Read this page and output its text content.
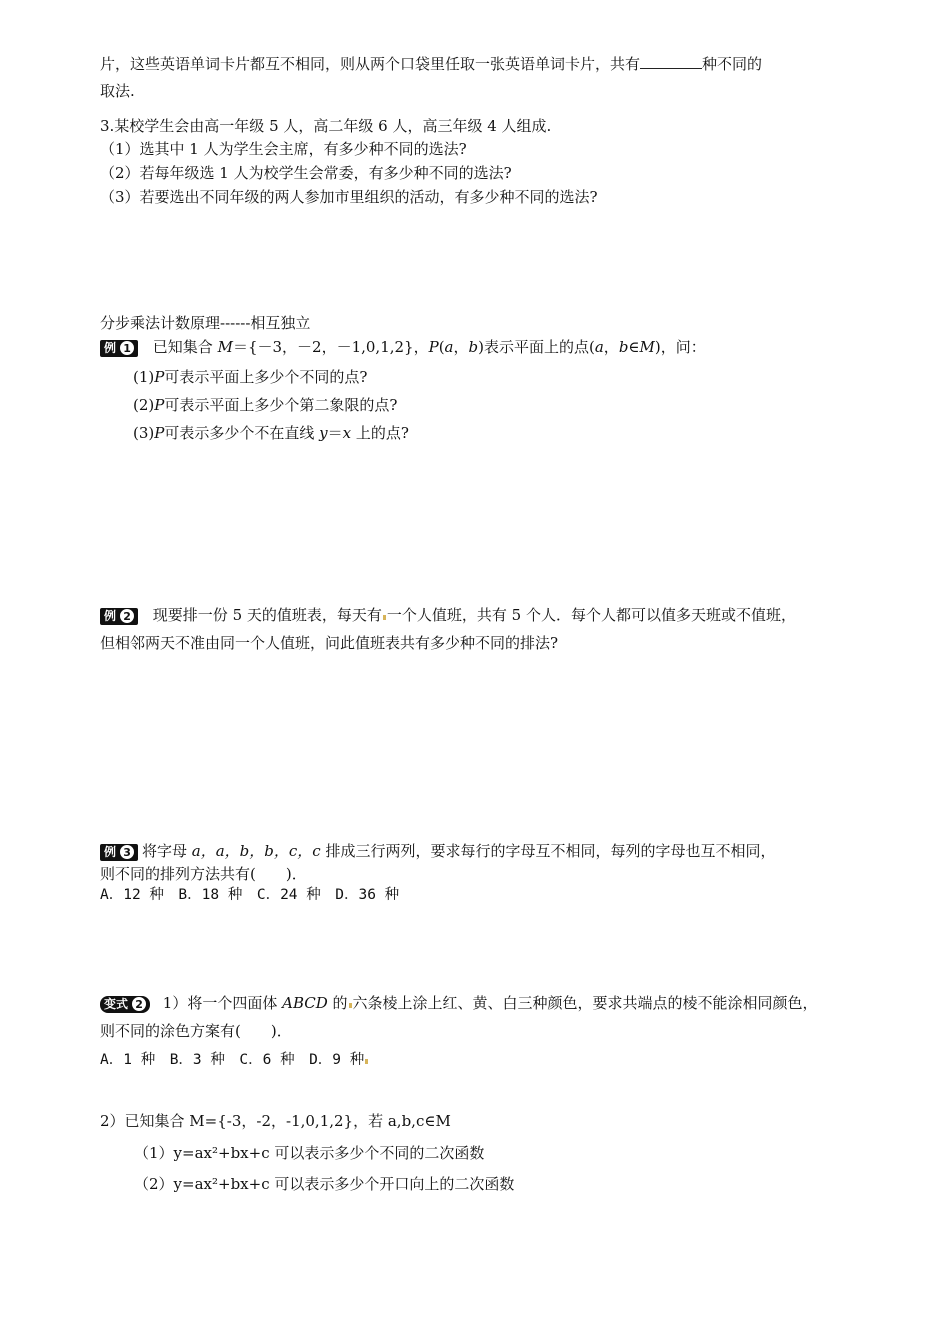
片，这些英语单词卡片都互不相同，则从两个口袋里任取一张英语单词卡片，共有	种不同的
取法.
3.某校学生会由高一年级 5 人，高二年级 6 人，高三年级 4 人组成.
（1）选其中 1 人为学生会主席，有多少种不同的选法?
（2）若每年级选 1 人为校学生会常委，有多少种不同的选法?
（3）若要选出不同年级的两人参加市里组织的活动，有多少种不同的选法?
分步乘法计数原理------相互独立
例 1 已知集合 M＝{－3，－2，－1,0,1,2}，P(a，b)表示平面上的点(a，b∈M)，问：
(1)P可表示平面上多少个不同的点?
(2)P可表示平面上多少个第二象限的点?
(3)P可表示多少个不在直线 y＝x 上的点?
例 2 现要排一份 5 天的值班表，每天有 一个人值班，共有 5 个人．每个人都可以值多天班或不值班，
但相邻两天不准由同一个人值班，问此值班表共有多少种不同的排法?
例 3 将字母 a，a，b，b，c，c 排成三行两列，要求每行的字母互不相同，每列的字母也互不相同，
则不同的排列方法共有(　　)．
A．12 种　B．18 种　C．24 种　D．36 种
变式 2 1）将一个四面体 ABCD 的 六条棱上涂上红、黄、白三种颜色，要求共端点的棱不能涂相同颜色，
则不同的涂色方案有(　　)．
A．1 种　B．3 种　C．6 种　D．9 种
2）已知集合 M={-3，-2，-1,0,1,2}，若 a,b,c∈M
（1）y=ax²+bx+c 可以表示多少个不同的二次函数
（2）y=ax²+bx+c 可以表示多少个开口向上的二次函数
